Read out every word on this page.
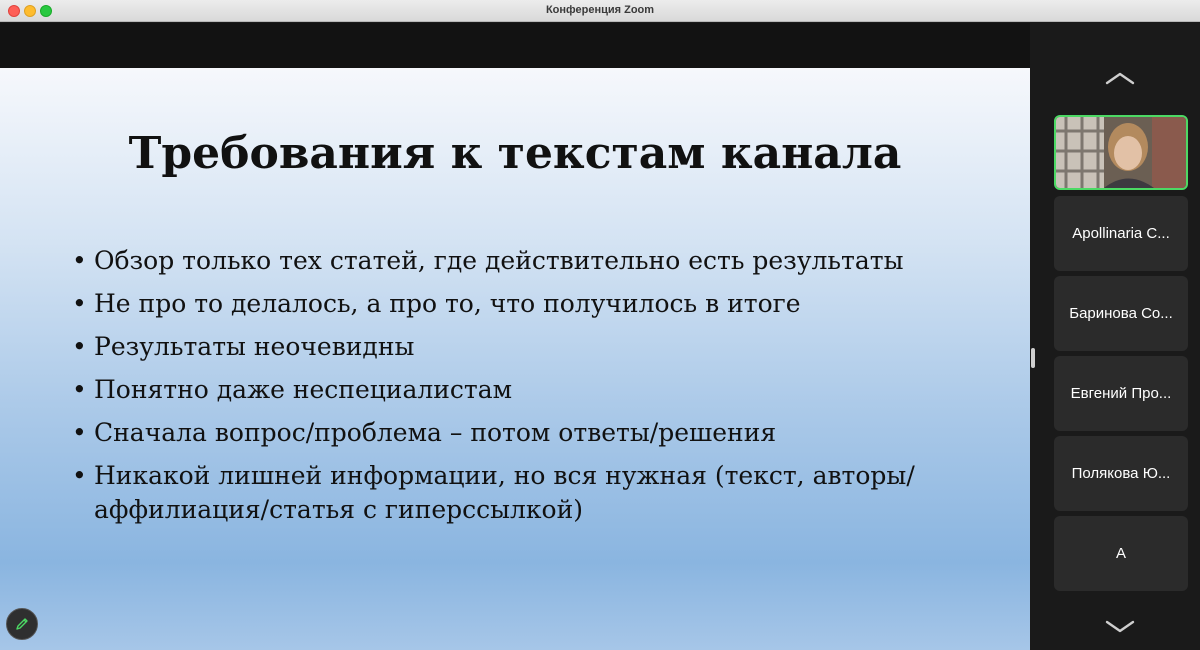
Конференция Zoom
Требования к текстам канала
• Обзор только тех статей, где действительно есть результаты
• Не про то делалось, а про то, что получилось в итоге
• Результаты неочевидны
• Понятно даже неспециалистам
• Сначала вопрос/проблема – потом ответы/решения
• Никакой лишней информации, но вся нужная (текст, авторы/аффилиация/статья с гиперссылкой)
Apollinaria C...
Баринова Со...
Евгений Про...
Полякова Ю...
А
